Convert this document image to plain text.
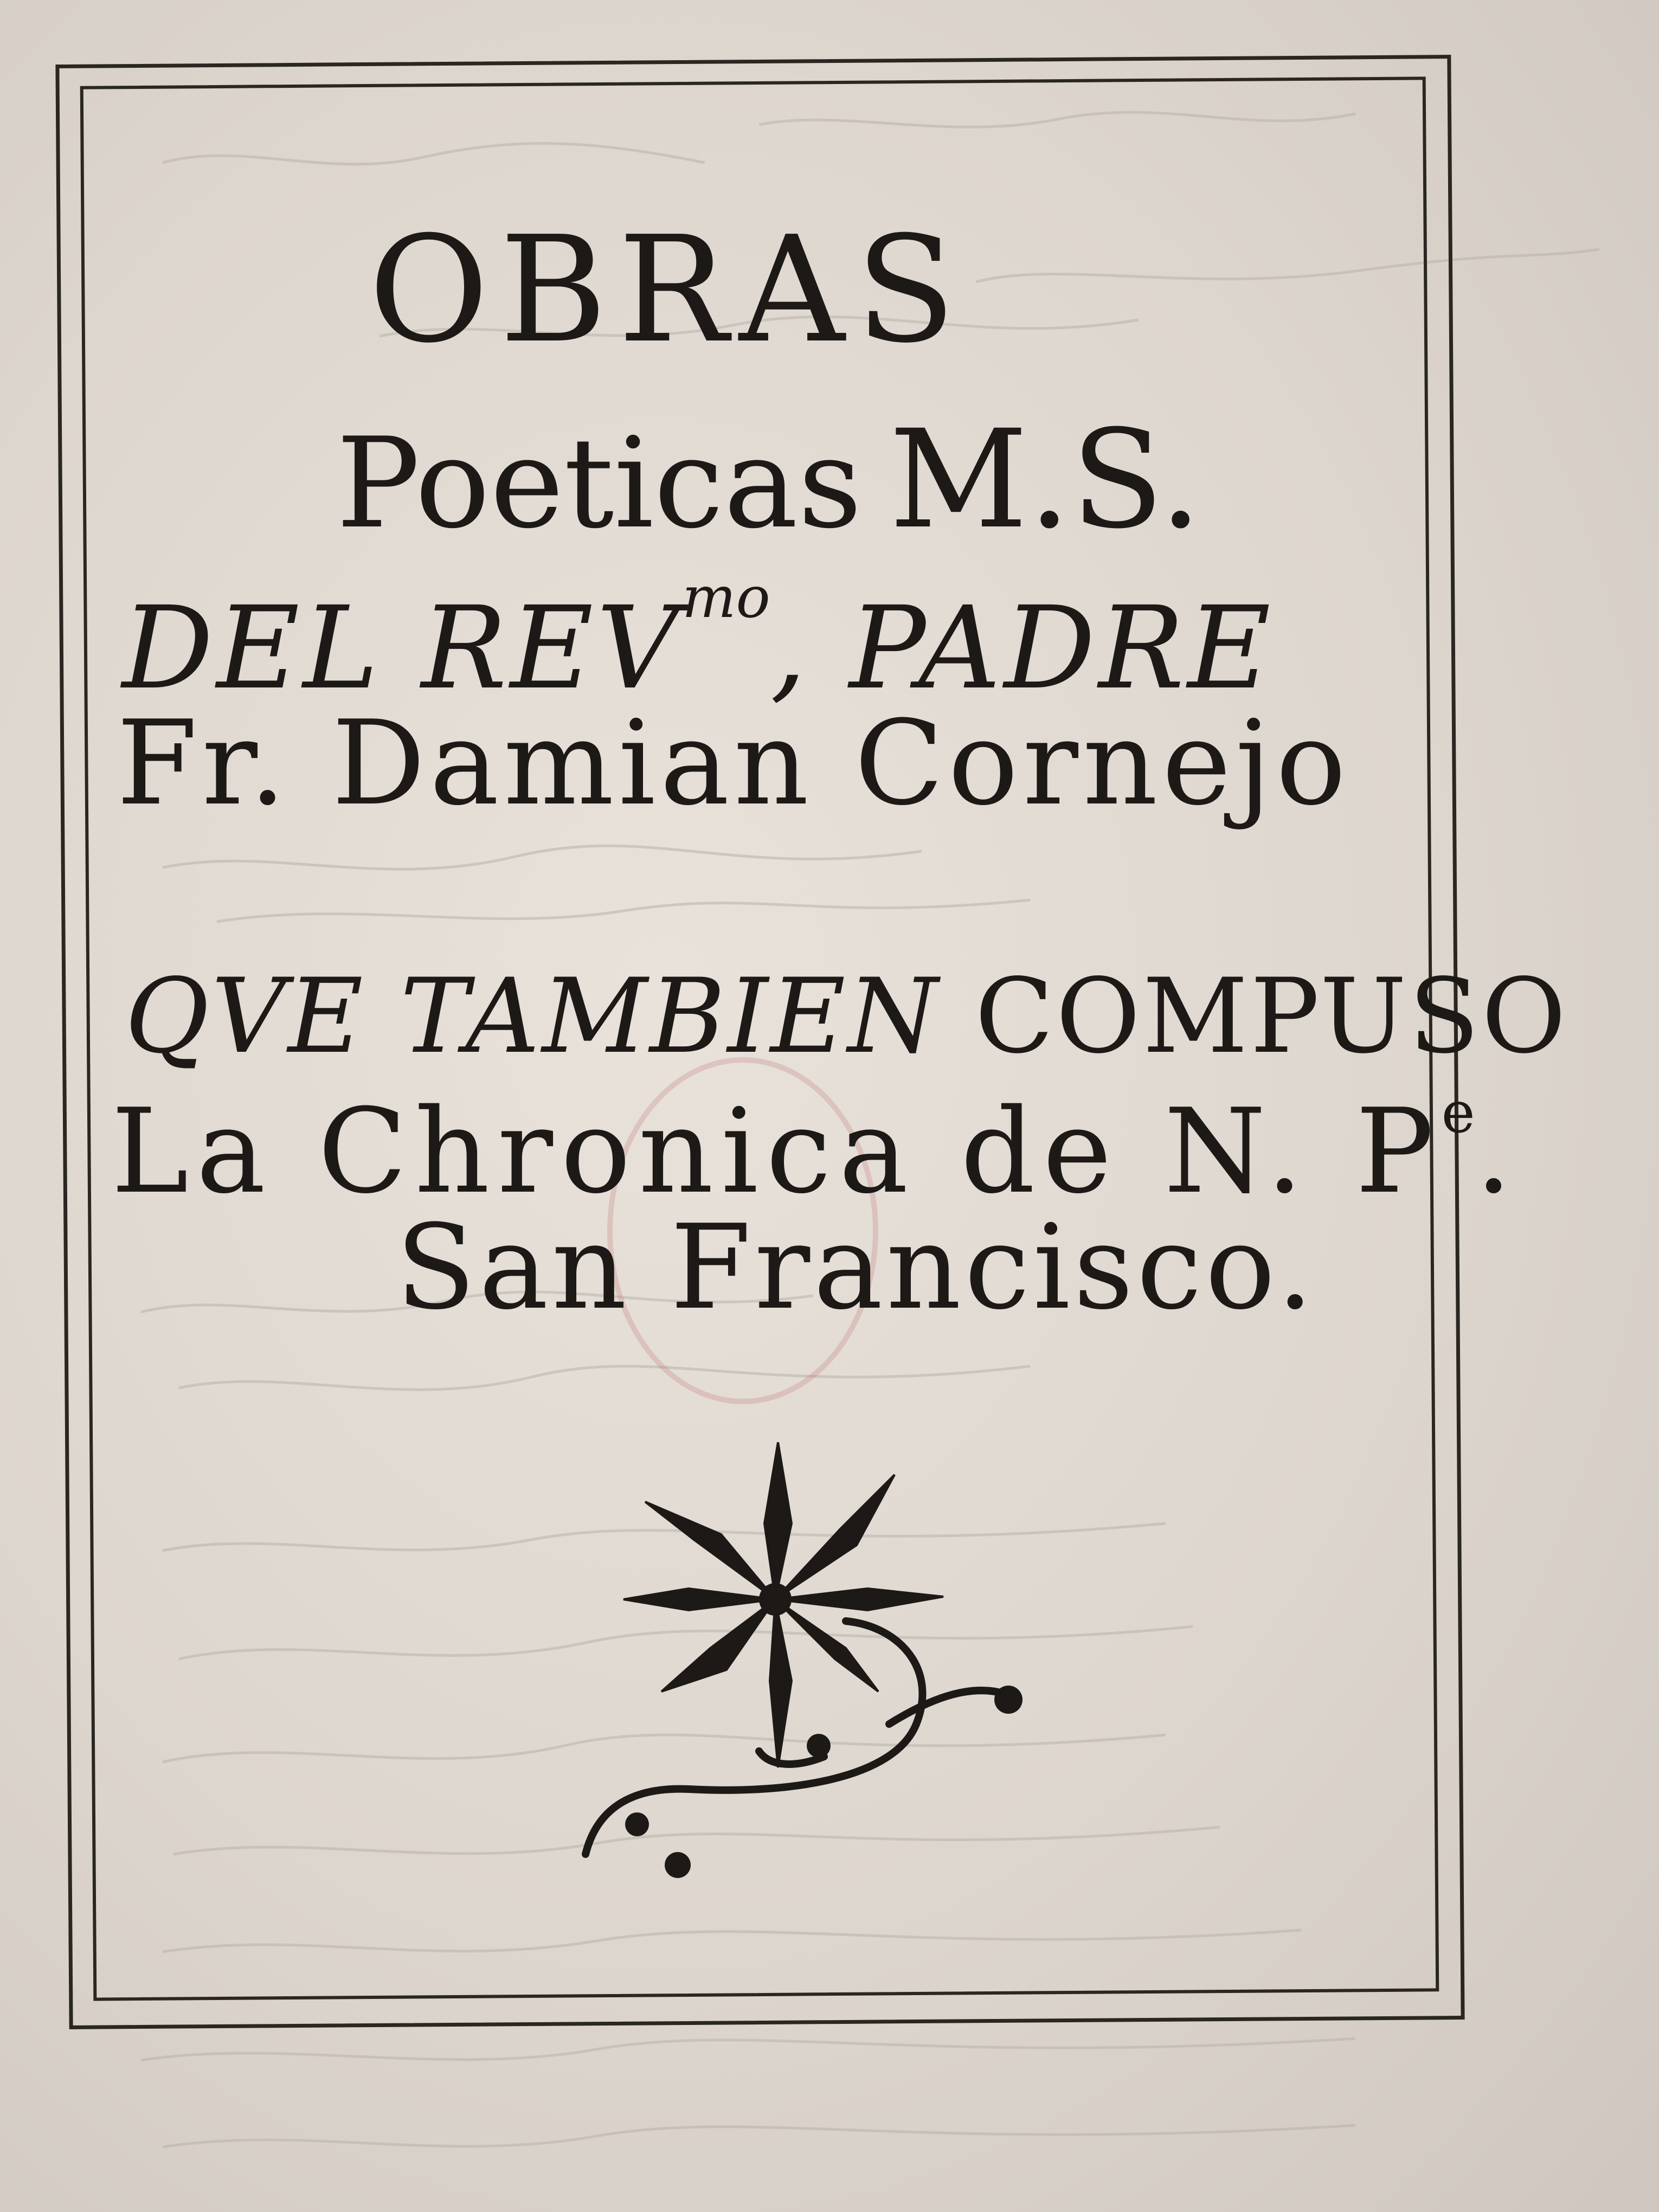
OBRAS
Poeticas M.S.
DEL $REV^{mo}$, PADRE
Fr. Damian Cornejo
QVE TAMBIEN COMPUSO
La Chronica de N. $P^e$.
San Francisco.
